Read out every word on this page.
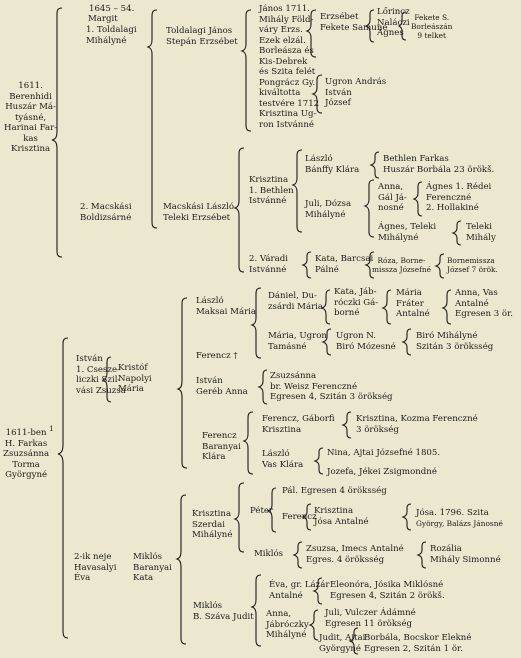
1611.
Berenhidi
Huszár Má-
tyásné,
Harinai Far-
kas
Krisztina
1645 – 54.
Margit
1. Toldalagi
Mihályné
Toldalagi János
Stepán Erzsébet
János 1711.
Mihály Föld-
váry Erzs.
Ezek elzál.
Borleásza és
Kis-Debrek
és Szita felét
Pongrácz Gy.
kiváltotta
testvére 1712
Krisztina Ug-
ron Istvánné
Erzsébet
Fekete Samuné
Lőrincz
Naláczi
Ágnes
Fekete S.
Borleászán
9 telket
Ugron András
István
József
2. Macskási
Boldizsárné
Macskási László
Teleki Erzsébet
Krisztina
1. Bethlen
Istvánné
László
Bánffy Klára
Bethlen Farkas
Huszár Borbála 23 örökš.
Juli, Dózsa
Mihályné
Anna,
Gál Já-
nosné
Ágnes 1. Rédei
Ferenczné
2. Hollakiné
Ágnes, Teleki
Mihályné
Teleki
Mihály
2. Váradi
Istvánné
Kata, Barcsai
Pálné
Róza, Borne-
missza Józsefné
Bornemissza
József 7 örök.
László
Maksai Mária
Dániel, Du-
zsárdi Mária
Kata, Jáb-
róczki Gá-
borné
Mária
Fráter
Antalné
Anna, Vas
Antalné
Egresen 3 ör.
Mária, Ugron
Tamásné
Ugron N.
Biró Mózesné
Biró Mihályné
Szitán 3 öröksség
István
1. Csesze-
liczki Szil-
vási Zsuzsa
Kristóf
Napolyi
Mária
Ferencz †
István
Geréb Anna
Zsuzsánna
br. Weisz Ferenczné
Egresen 4, Szitán 3 örökség
Ferencz
Baranyai
Klára
Ferencz, Gáborfi
Krisztina
Krisztina, Kozma Ferenczné
3 örökség
László
Vas Klára
Nina, Ajtai Józsefné 1805.
Jozefa, Jékei Zsigmondné
1611-ben
H. Farkas
Zsuzsánna
Torma
Györgyné
1
Krisztina
Szerdai
Mihályné
Péter
Pál. Egresen 4 öröksség
Ferencz
Krisztina
Jósa Antalné
Jósa. 1796. Szita
György, Balázs Jánosné
Miklós	Zsuzsa, Imecs Antalné
Egres. 4 öröksség
Rozália
Mihály Simonné
2-ik neje
Havasalyi
Éva
Miklós
Baranyai
Kata
Miklós
B. Száva Judit
Éva, gr. Lázár
Antalné
Eleonóra, Jósika Miklósné
Egresen 4, Szitán 2 örökš.
Anna,
Jábróczky
Mihályné
Juli, Vulczer Ádámné
Egresen 11 örökség
Judit, Ajtai
Györgyné
Borbála, Bocskor Elekné
Egresen 2, Szitán 1 ör.
